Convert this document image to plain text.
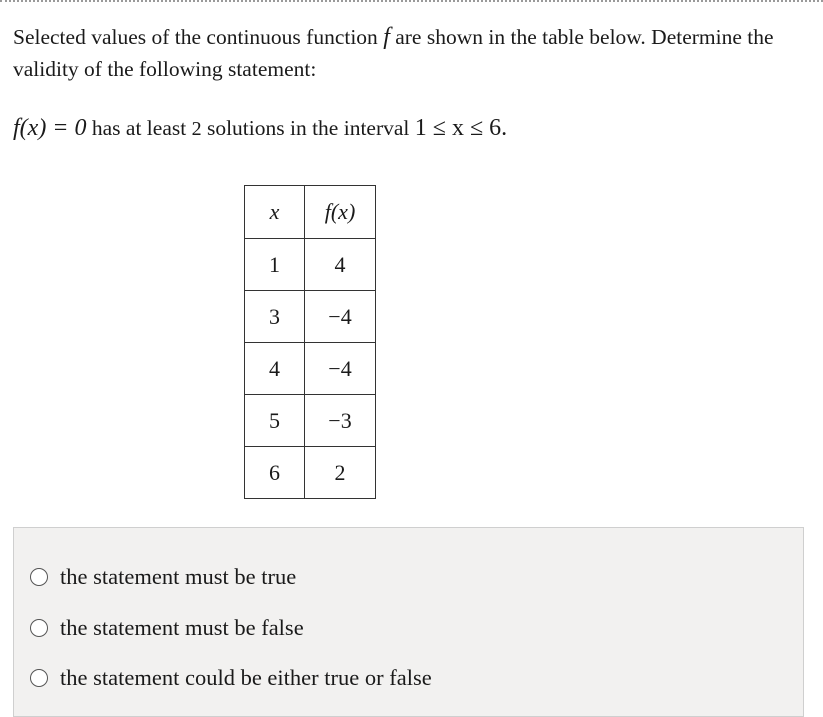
Selected values of the continuous function f are shown in the table below. Determine the validity of the following statement:
f(x) = 0 has at least 2 solutions in the interval 1 ≤ x ≤ 6.
x	f(x)
1	4
3	−4
4	−4
5	−3
6	2
the statement must be true
the statement must be false
the statement could be either true or false
